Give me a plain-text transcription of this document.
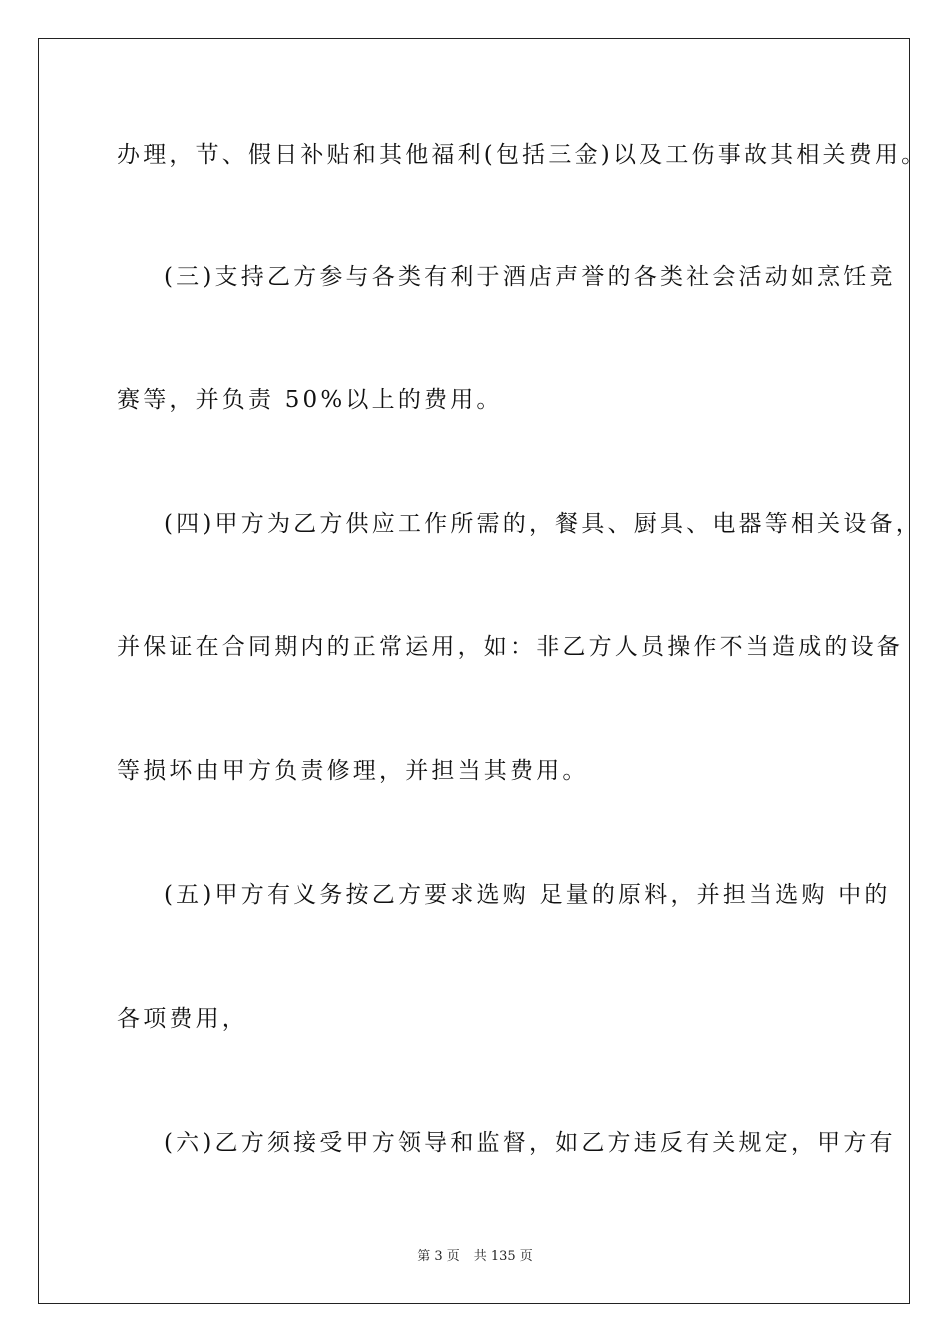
办理，节、假日补贴和其他福利(包括三金)以及工伤事故其相关费用。
(三)支持乙方参与各类有利于酒店声誉的各类社会活动如烹饪竞
赛等，并负责 50%以上的费用。
(四)甲方为乙方供应工作所需的，餐具、厨具、电器等相关设备，
并保证在合同期内的正常运用，如：非乙方人员操作不当造成的设备
等损坏由甲方负责修理，并担当其费用。
(五)甲方有义务按乙方要求选购 足量的原料，并担当选购 中的
各项费用，
(六)乙方须接受甲方领导和监督，如乙方违反有关规定，甲方有
第 3 页 共 135 页
